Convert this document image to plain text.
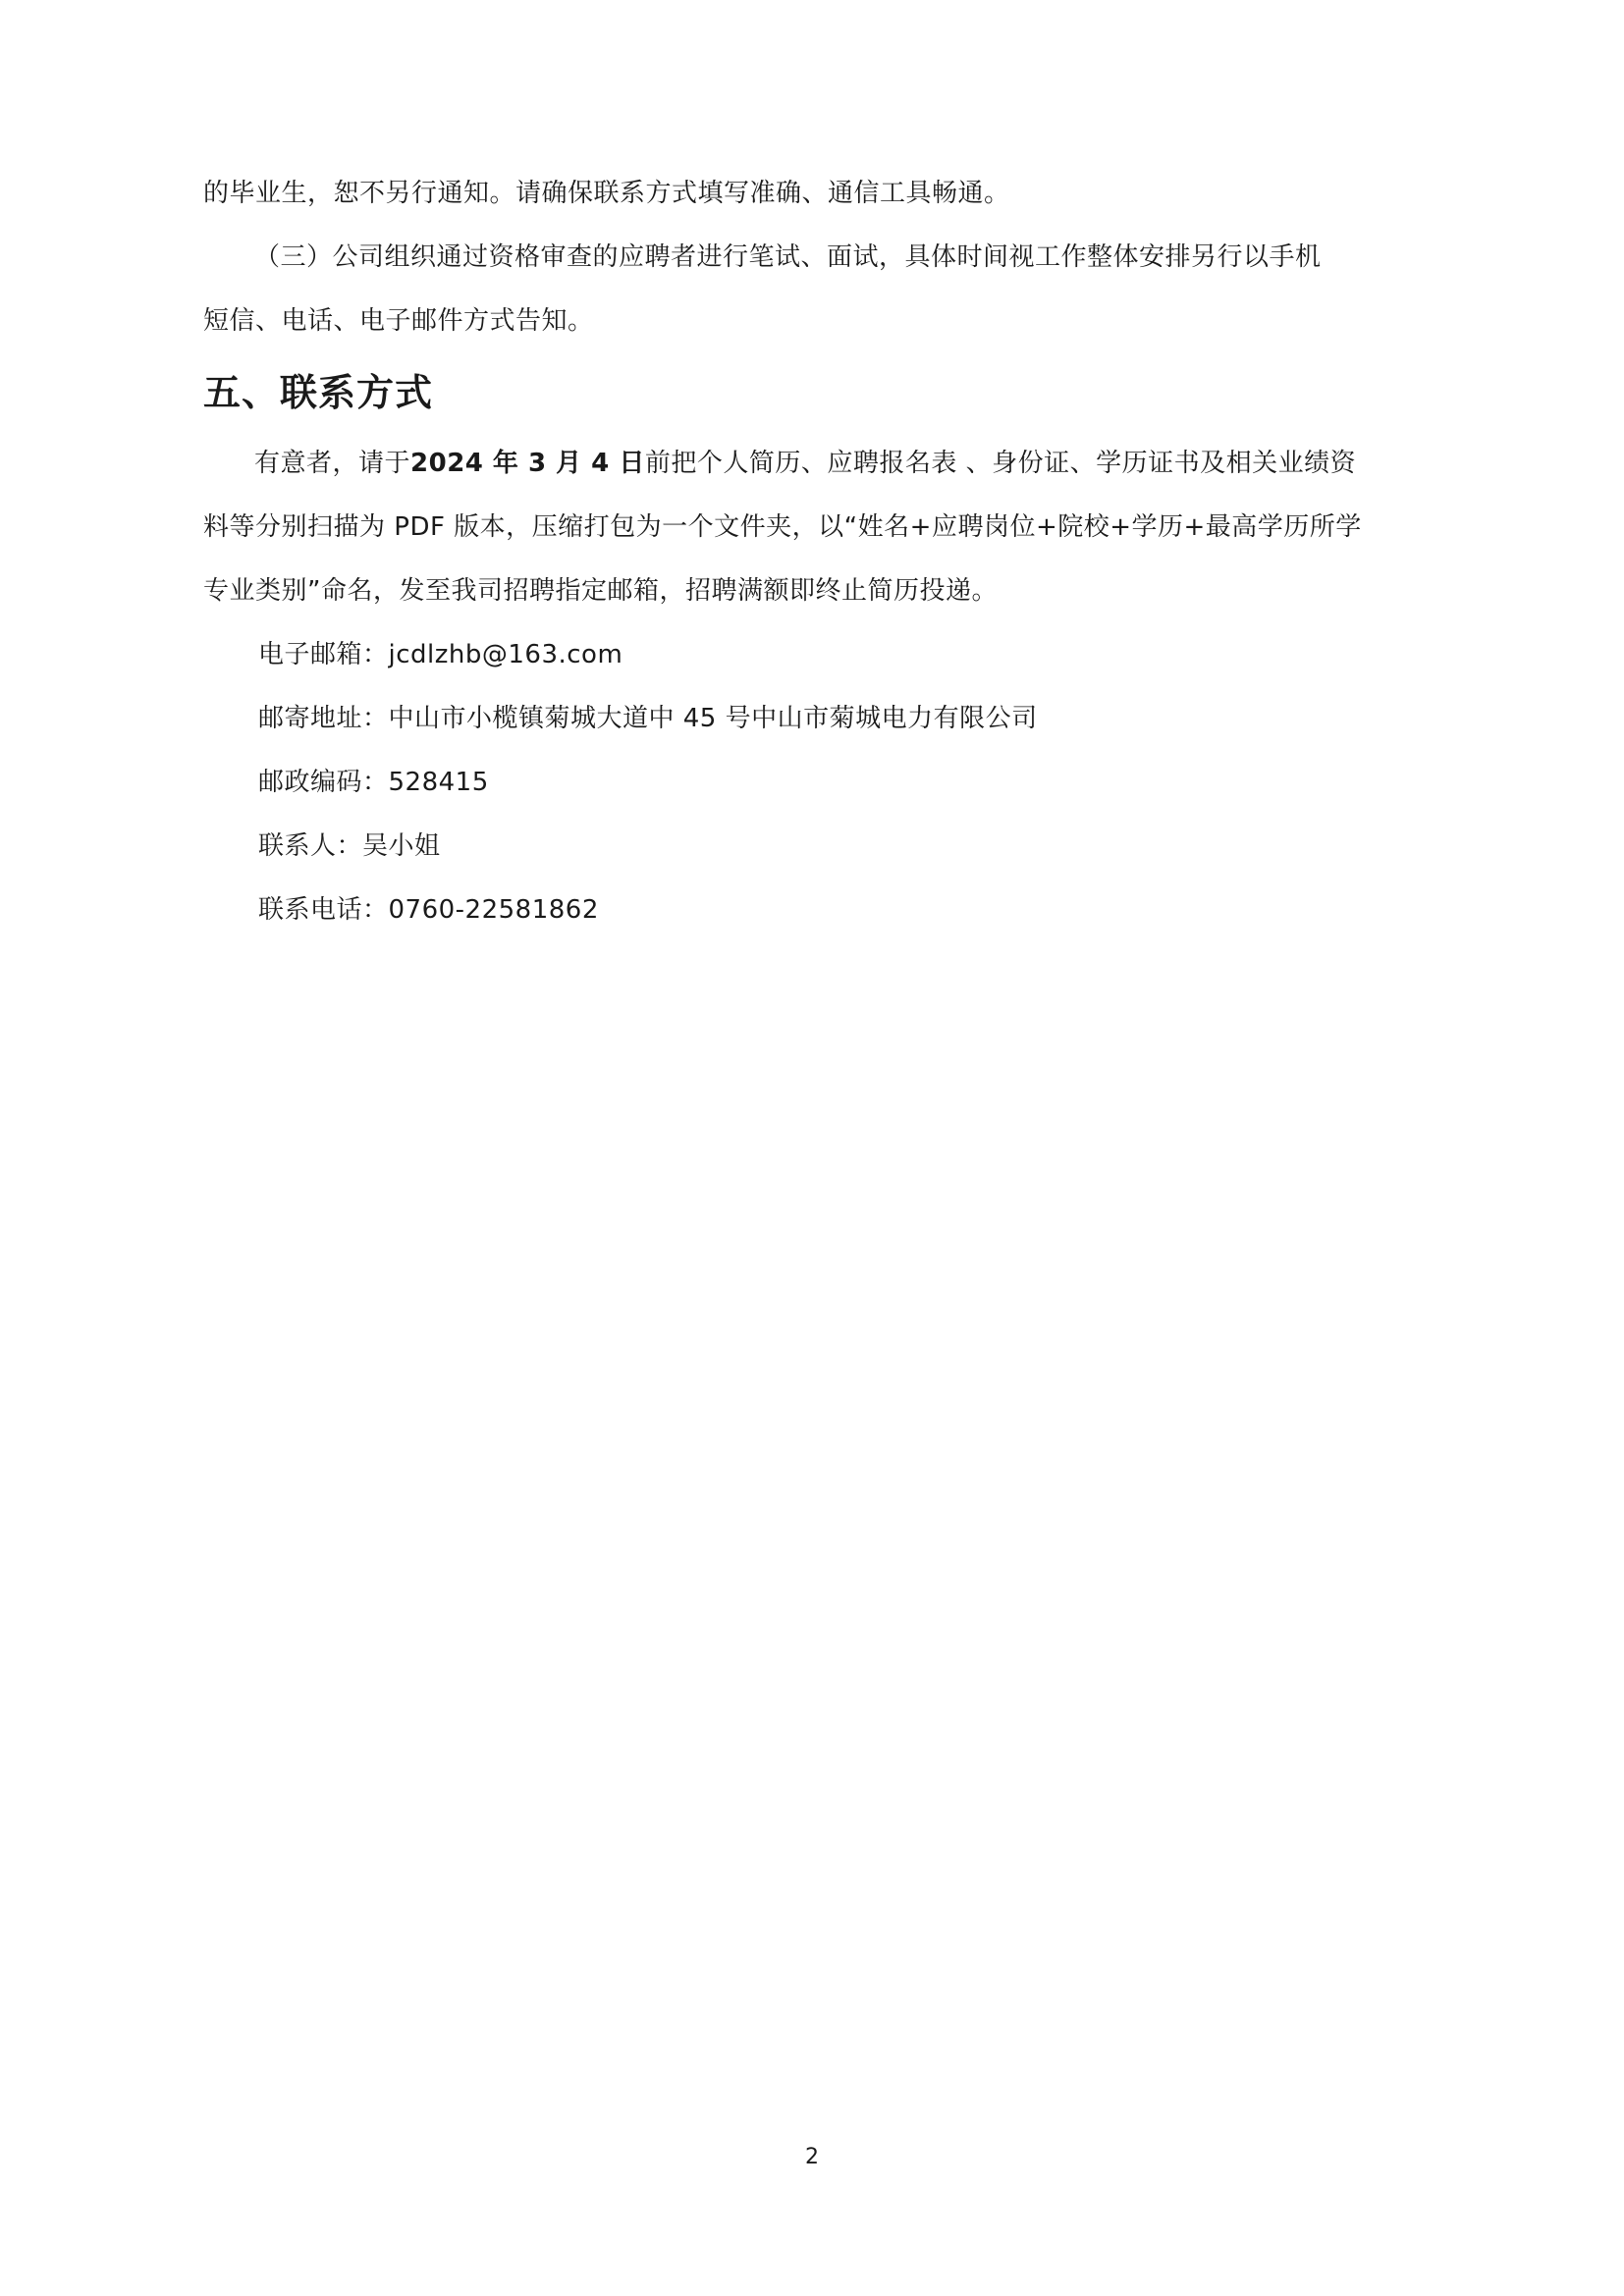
的毕业生，恕不另行通知。请确保联系方式填写准确、通信工具畅通。

（三）公司组织通过资格审查的应聘者进行笔试、面试，具体时间视工作整体安排另行以手机

短信、电话、电子邮件方式告知。

五、联系方式

有意者，请于2024 年 3 月 4 日前把个人简历、应聘报名表 、身份证、学历证书及相关业绩资

料等分别扫描为 PDF 版本，压缩打包为一个文件夹，以“姓名+应聘岗位+院校+学历+最高学历所学

专业类别”命名，发至我司招聘指定邮箱，招聘满额即终止简历投递。

电子邮箱：jcdlzhb@163.com

邮寄地址：中山市小榄镇菊城大道中 45 号中山市菊城电力有限公司

邮政编码：528415

联系人：吴小姐

联系电话：0760-22581862

2
